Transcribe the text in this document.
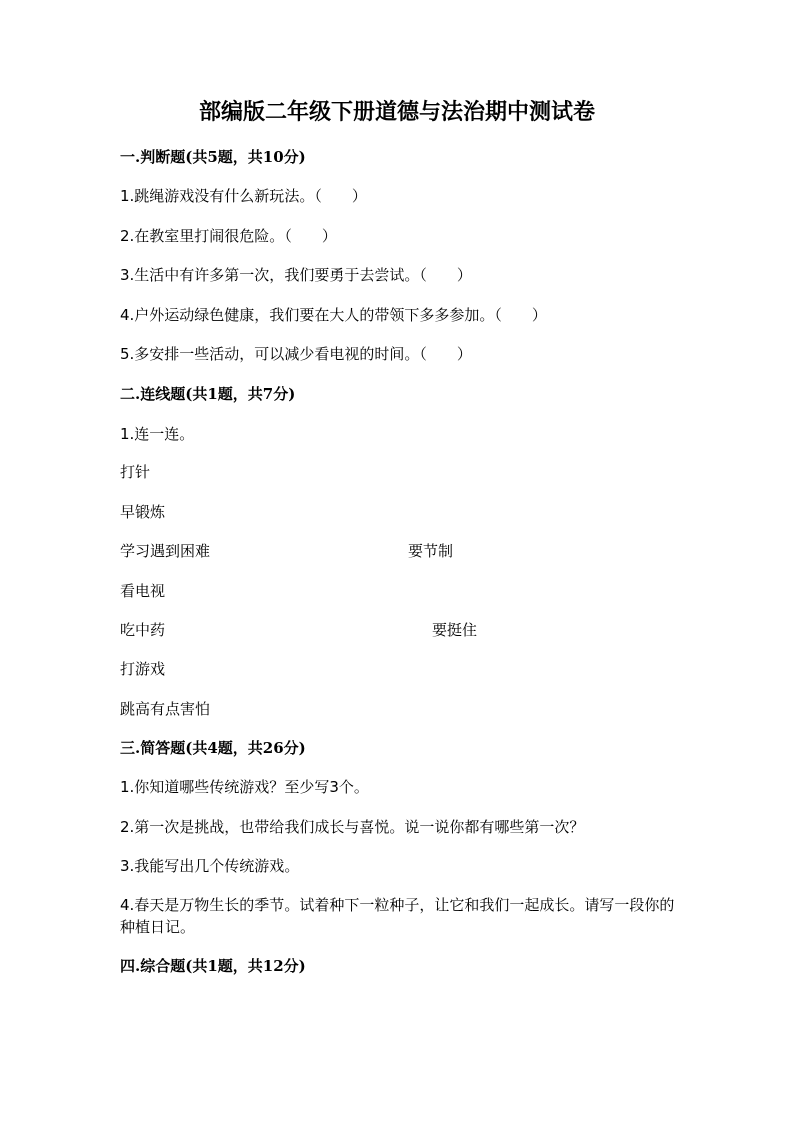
部编版二年级下册道德与法治期中测试卷
一.判断题(共5题，共10分)
1.跳绳游戏没有什么新玩法。（　　）
2.在教室里打闹很危险。（　　）
3.生活中有许多第一次，我们要勇于去尝试。（　　）
4.户外运动绿色健康，我们要在大人的带领下多多参加。（　　）
5.多安排一些活动，可以减少看电视的时间。（　　）
二.连线题(共1题，共7分)
1.连一连。
打针
早锻炼
学习遇到困难	要节制
看电视
吃中药	要挺住
打游戏
跳高有点害怕
三.简答题(共4题，共26分)
1.你知道哪些传统游戏？至少写3个。
2.第一次是挑战，也带给我们成长与喜悦。说一说你都有哪些第一次？
3.我能写出几个传统游戏。
4.春天是万物生长的季节。试着种下一粒种子，让它和我们一起成长。请写一段你的种植日记。
四.综合题(共1题，共12分)
